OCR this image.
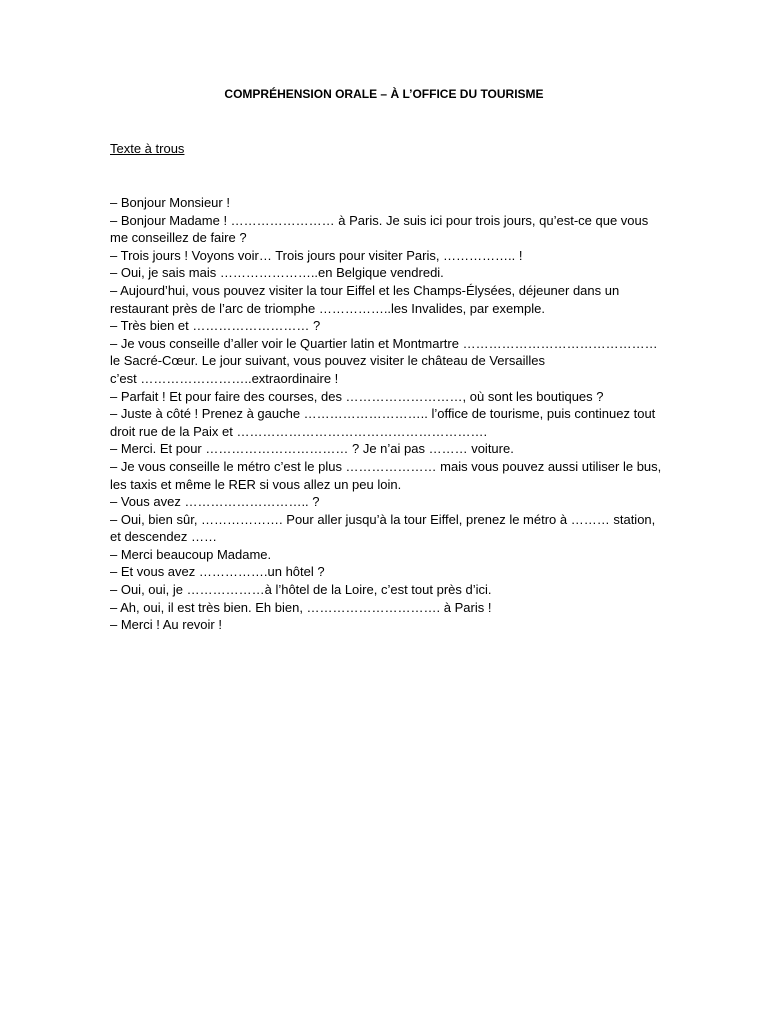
COMPRÉHENSION ORALE – À L’OFFICE DU TOURISME
Texte à trous
– Bonjour Monsieur !
– Bonjour Madame ! …………………… à Paris. Je suis ici pour trois jours, qu’est-ce que vous me conseillez de faire ?
– Trois jours ! Voyons voir… Trois jours pour visiter Paris, …………….. !
– Oui, je sais mais …………………..en Belgique vendredi.
– Aujourd’hui, vous pouvez visiter la tour Eiffel et les Champs-Élysées, déjeuner dans un restaurant près de l’arc de triomphe ……………..les Invalides, par exemple.
– Très bien et ……………………… ?
– Je vous conseille d’aller voir le Quartier latin et Montmartre ……………………………………… le Sacré-Cœur. Le jour suivant, vous pouvez visiter le château de Versailles
c’est ……………………..extraordinaire !
– Parfait ! Et pour faire des courses, des ………………………, où sont les boutiques ?
– Juste à côté ! Prenez à gauche ……………………….. l’office de tourisme, puis continuez tout droit rue de la Paix et ………………………………………………….
– Merci. Et pour …………………………… ? Je n’ai pas ……… voiture.
– Je vous conseille le métro c’est le plus ………………… mais vous pouvez aussi utiliser le bus, les taxis et même le RER si vous allez un peu loin.
– Vous avez ……………………….. ?
– Oui, bien sûr, ………………. Pour aller jusqu’à la tour Eiffel, prenez le métro à ……… station, et descendez ……
– Merci beaucoup Madame.
– Et vous avez …………….un hôtel ?
– Oui, oui, je ………………à l’hôtel de la Loire, c’est tout près d’ici.
– Ah, oui, il est très bien. Eh bien, …………………………. à Paris !
– Merci ! Au revoir !
